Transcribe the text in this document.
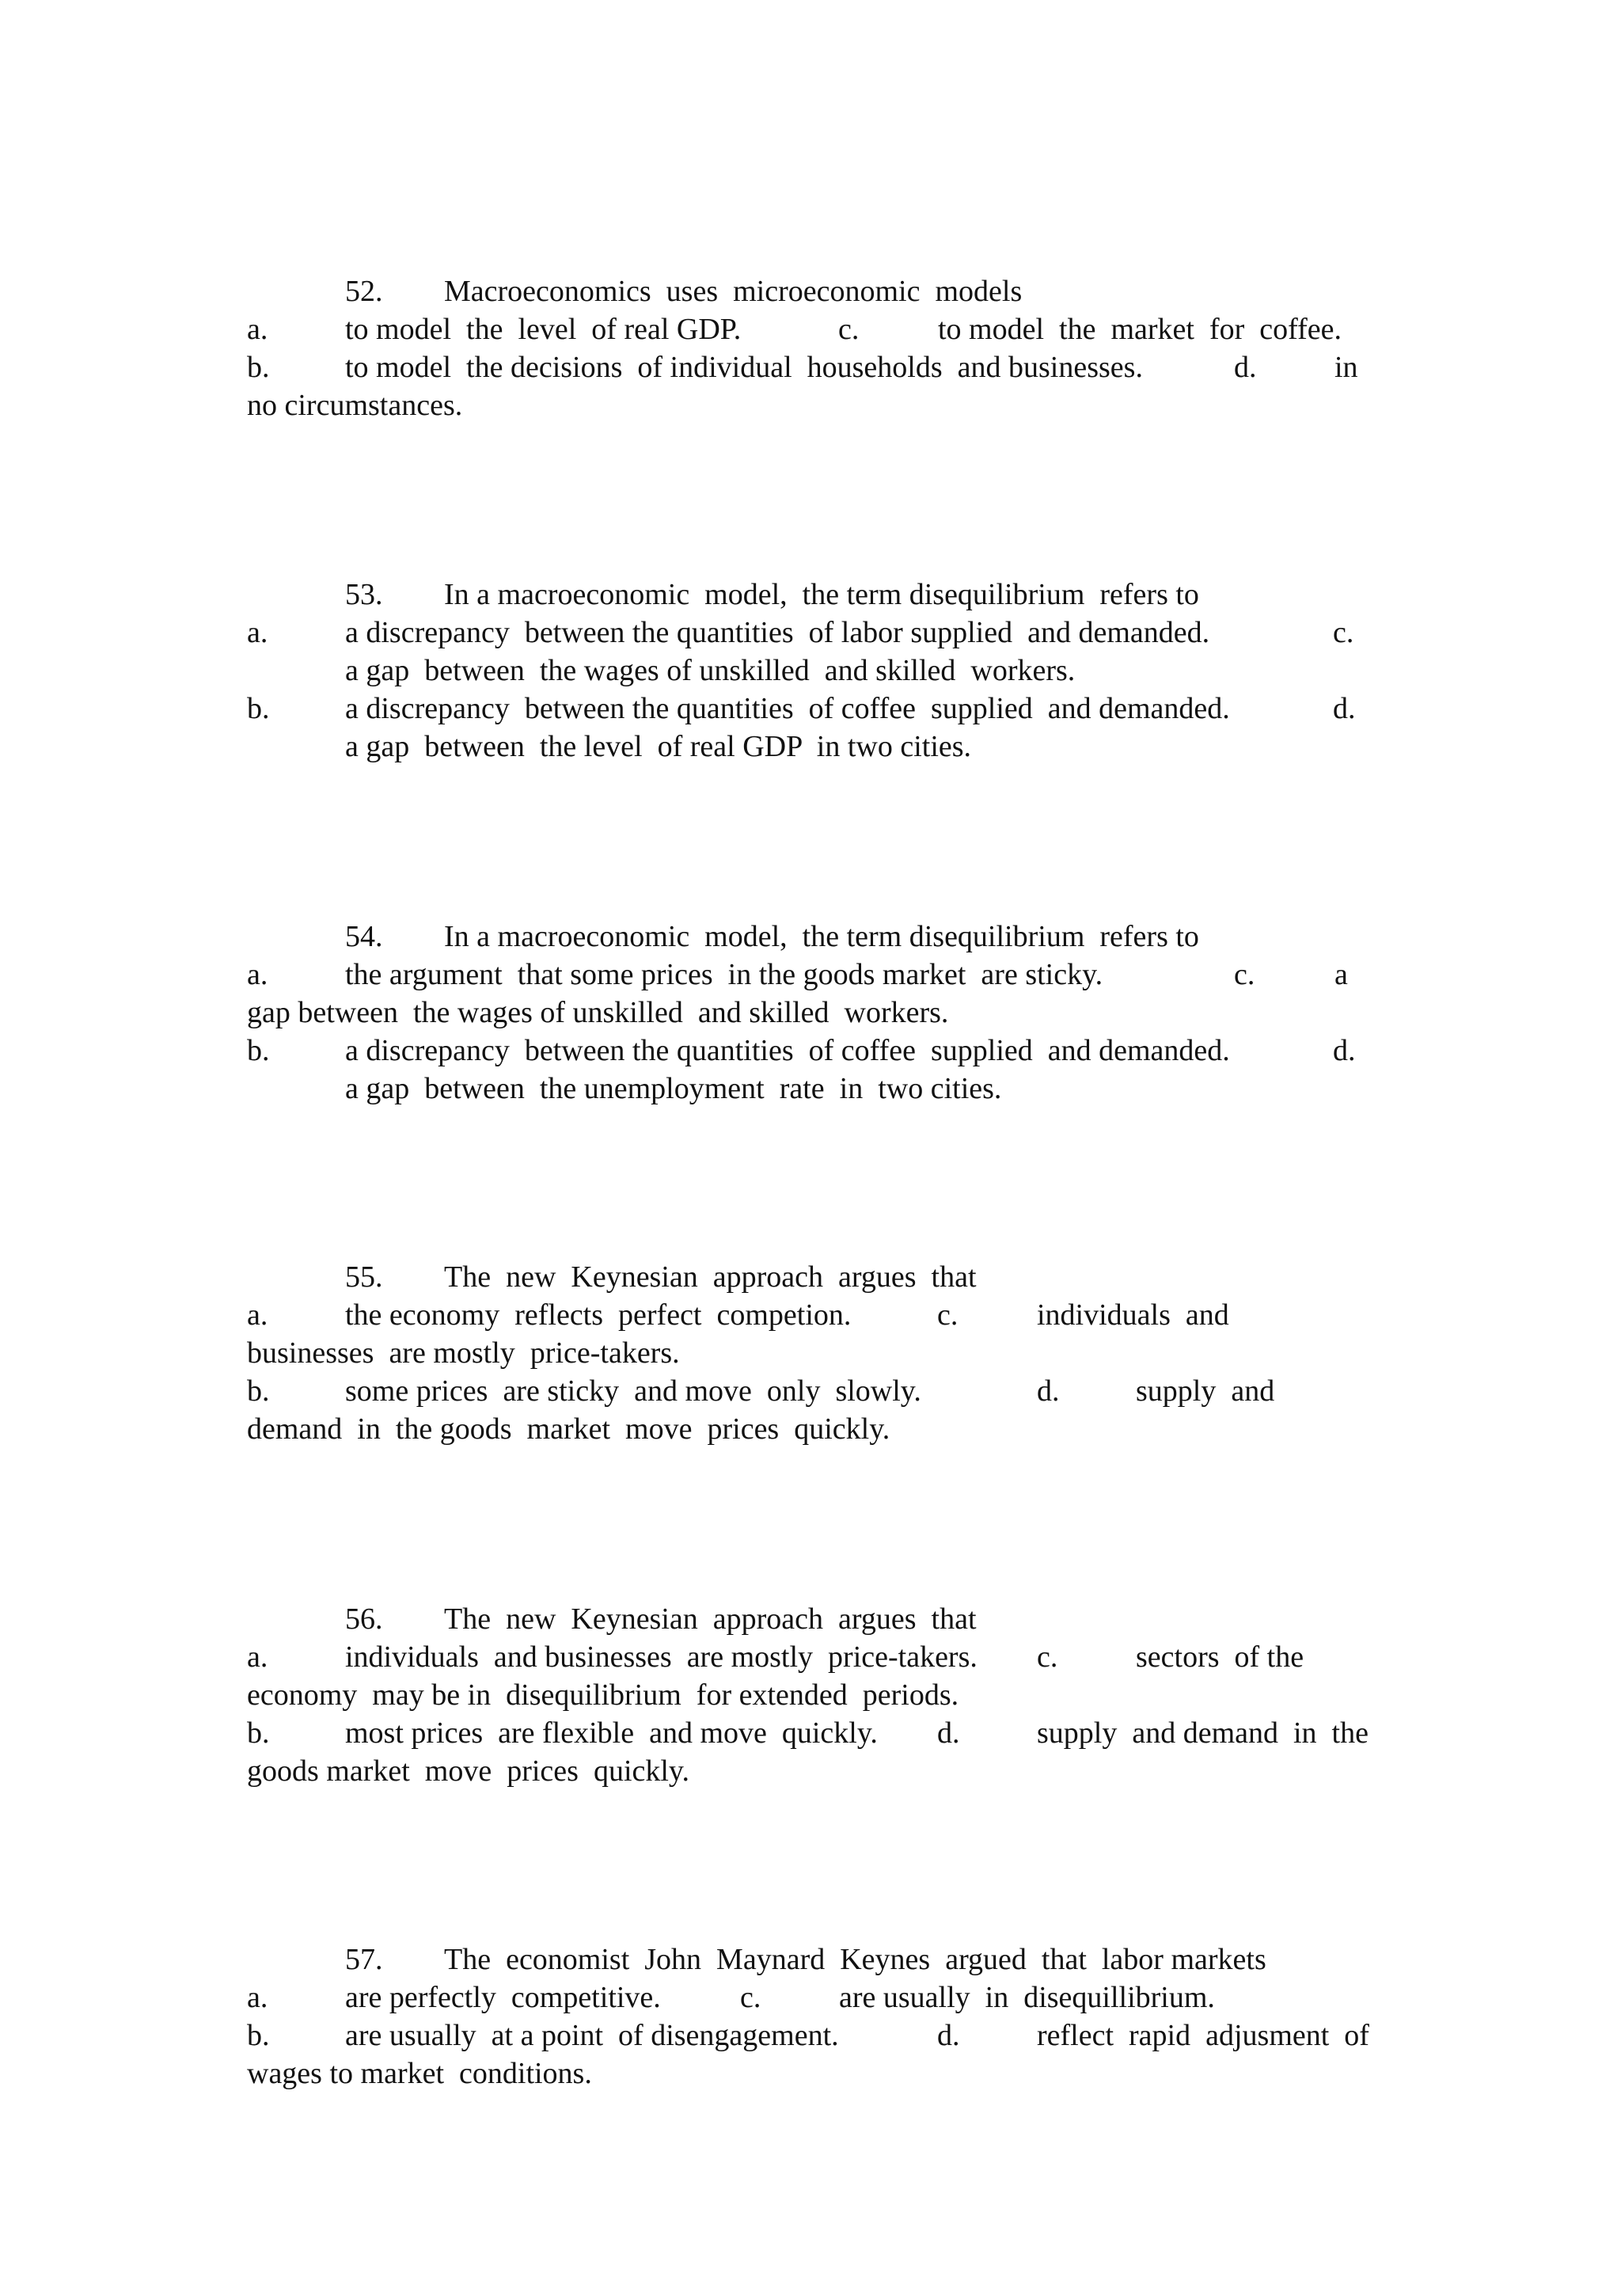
52.

Macroeconomics  uses  microeconomic  models

a.

	to model  the  level  of real GDP.

	c.

	to model  the  market  for  coffee.

b.

	to model  the decisions  of individual  households  and businesses.

	d.

	in

no circumstances.

53.

In a macroeconomic  model,  the term disequilibrium  refers to

a.

	a discrepancy  between the quantities  of labor supplied  and demanded.

	c.

a gap  between  the wages of unskilled  and skilled  workers.

b.

	a discrepancy  between the quantities  of coffee  supplied  and demanded.

	d.

a gap  between  the level  of real GDP  in two cities.

54.

In a macroeconomic  model,  the term disequilibrium  refers to

a.

	the argument  that some prices  in the goods market  are sticky.

	c.

	a

gap between  the wages of unskilled  and skilled  workers.

b.

	a discrepancy  between the quantities  of coffee  supplied  and demanded.

	d.

a gap  between  the unemployment  rate  in  two cities.

55.

The  new  Keynesian  approach  argues  that

a.

	the economy  reflects  perfect  competion.

	c.

	individuals  and

businesses  are mostly  price-takers.

b.

	some prices  are sticky  and move  only  slowly.

	d.

	supply  and

demand  in  the goods  market  move  prices  quickly.

56.

The  new  Keynesian  approach  argues  that

a.

	individuals  and businesses  are mostly  price-takers.

c.

	sectors  of the

economy  may be in  disequilibrium  for extended  periods.

b.

	most prices  are flexible  and move  quickly.

d.

	supply  and demand  in  the

goods market  move  prices  quickly.

57.

The  economist  John  Maynard  Keynes  argued  that  labor markets

a.

	are perfectly  competitive.

	c.

	are usually  in  disequillibrium.

b.

	are usually  at a point  of disengagement.

	d.

	reflect  rapid  adjusment  of

wages to market  conditions.
